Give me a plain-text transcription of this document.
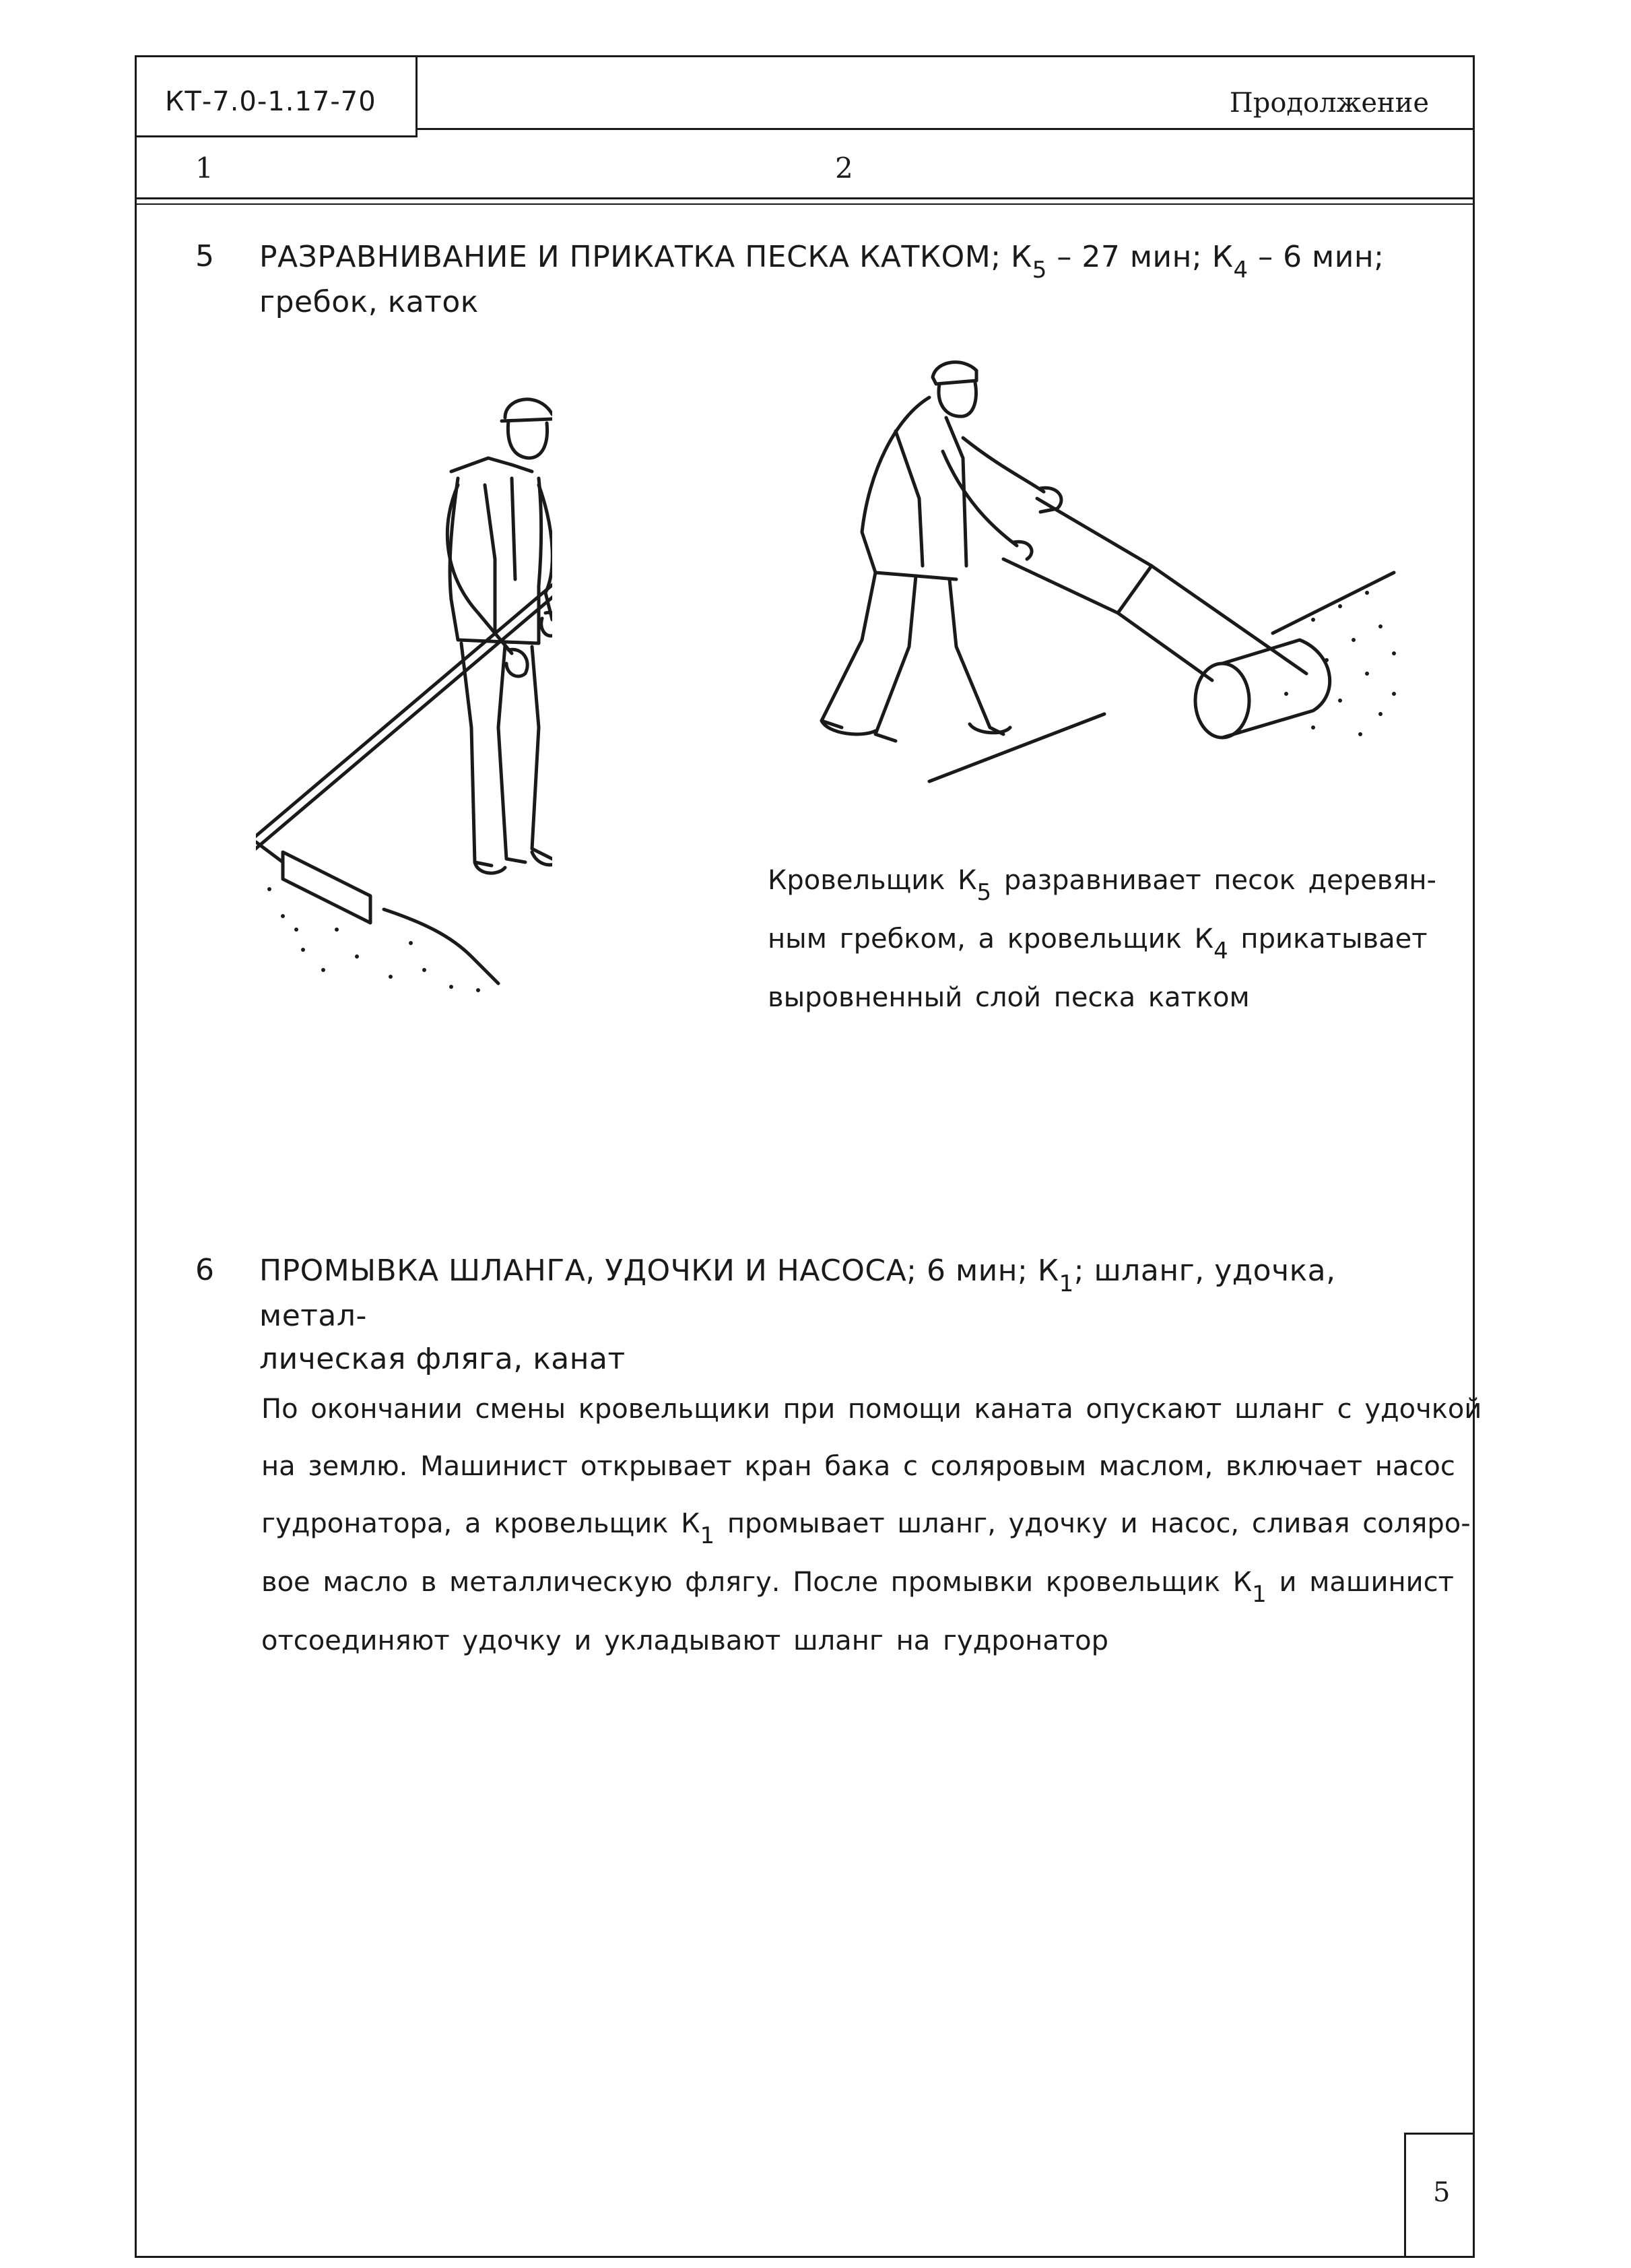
КТ-7.0-1.17-70	Продолжение
1	2
5 РАЗРАВНИВАНИЕ И ПРИКАТКА ПЕСКА КАТКОМ; $К_5 - 27$ мин; $К_4 - 6$ мин;
гребок, каток
Кровельщик $К_5$ разравнивает песок деревян-
ным гребком, а кровельщик $К_4$ прикатывает
выровненный слой песка катком
6 ПРОМЫВКА ШЛАНГА, УДОЧКИ И НАСОСА; 6 мин; $К_1$; шланг, удочка, метал-
лическая фляга, канат
По окончании смены кровельщики при помощи каната опускают шланг с удочкой
на землю. Машинист открывает кран бака с соляровым маслом, включает насос
гудронатора, а кровельщик $К_1$ промывает шланг, удочку и насос, сливая соляро-
вое масло в металлическую флягу. После промывки кровельщик $К_1$ и машинист
отсоединяют удочку и укладывают шланг на гудронатор
5
